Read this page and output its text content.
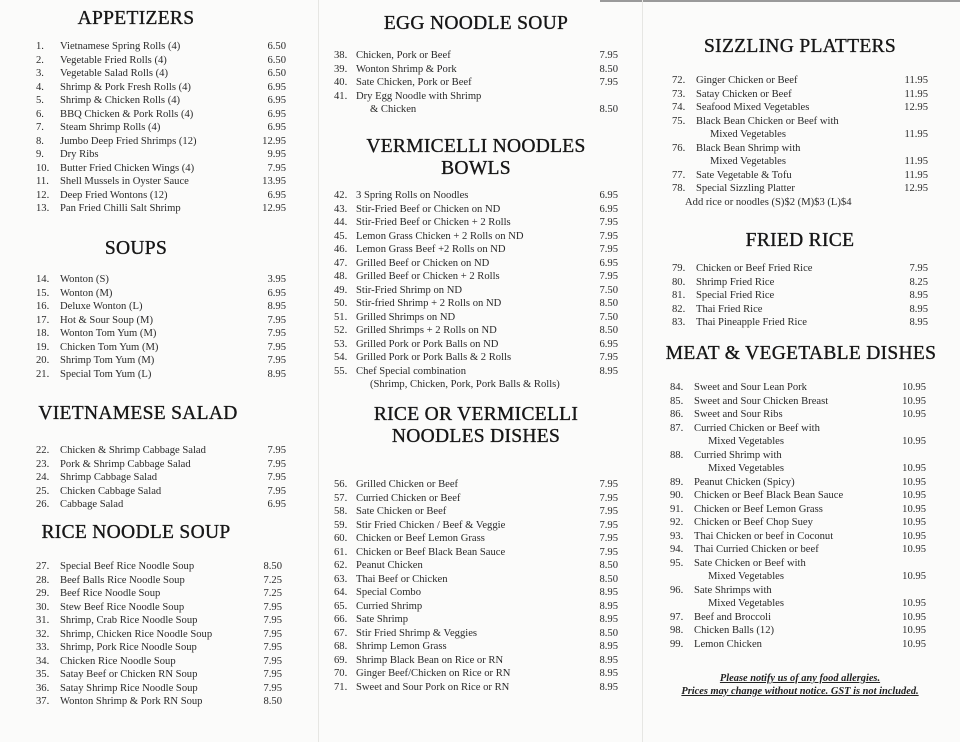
APPETIZERS
1. Vietnamese Spring Rolls (4)	6.50
2. Vegetable Fried Rolls (4)	6.50
3. Vegetable Salad Rolls (4)	6.50
4. Shrimp & Pork Fresh Rolls (4)	6.95
5. Shrimp & Chicken Rolls (4)	6.95
6. BBQ Chicken & Pork Rolls (4)	6.95
7. Steam Shrimp Rolls (4)	6.95
8. Jumbo Deep Fried Shrimps (12)	12.95
9. Dry Ribs	9.95
10. Butter Fried Chicken Wings (4)	7.95
11. Shell Mussels in Oyster Sauce	13.95
12. Deep Fried Wontons (12)	6.95
13. Pan Fried Chilli Salt Shrimp	12.95
SOUPS
14. Wonton (S)	3.95
15. Wonton (M)	6.95
16. Deluxe Wonton (L)	8.95
17. Hot & Sour Soup (M)	7.95
18. Wonton Tom Yum (M)	7.95
19. Chicken Tom Yum (M)	7.95
20. Shrimp Tom Yum (M)	7.95
21. Special Tom Yum (L)	8.95
VIETNAMESE SALAD
22. Chicken & Shrimp Cabbage Salad	7.95
23. Pork & Shrimp Cabbage Salad	7.95
24. Shrimp Cabbage Salad	7.95
25. Chicken Cabbage Salad	7.95
26. Cabbage Salad	6.95
RICE NOODLE SOUP
27. Special Beef Rice Noodle Soup	8.50
28. Beef Balls Rice Noodle Soup	7.25
29. Beef Rice Noodle Soup	7.25
30. Stew Beef Rice Noodle Soup	7.95
31. Shrimp, Crab Rice Noodle Soup	7.95
32. Shrimp, Chicken Rice Noodle Soup	7.95
33. Shrimp, Pork Rice Noodle Soup	7.95
34. Chicken Rice Noodle Soup	7.95
35. Satay Beef or Chicken RN Soup	7.95
36. Satay Shrimp Rice Noodle Soup	7.95
37. Wonton Shrimp & Pork RN Soup	8.50
EGG NOODLE SOUP
38. Chicken, Pork or Beef	7.95
39. Wonton Shrimp & Pork	8.50
40. Sate Chicken, Pork or Beef	7.95
41. Dry Egg Noodle with Shrimp
& Chicken	8.50
VERMICELLI NOODLES
BOWLS
42. 3 Spring Rolls on Noodles	6.95
43. Stir-Fried Beef or Chicken on ND	6.95
44. Stir-Fried Beef or Chicken + 2 Rolls	7.95
45. Lemon Grass Chicken + 2 Rolls on ND	7.95
46. Lemon Grass Beef +2 Rolls on ND	7.95
47. Grilled Beef or Chicken on ND	6.95
48. Grilled Beef or Chicken + 2 Rolls	7.95
49. Stir-Fried Shrimp on ND	7.50
50. Stir-fried Shrimp + 2 Rolls on ND	8.50
51. Grilled Shrimps on ND	7.50
52. Grilled Shrimps + 2 Rolls on ND	8.50
53. Grilled Pork or Pork Balls on ND	6.95
54. Grilled Pork or Pork Balls & 2 Rolls	7.95
55. Chef Special combination	8.95
(Shrimp, Chicken, Pork, Pork Balls & Rolls)
RICE OR VERMICELLI
NOODLES DISHES
56. Grilled Chicken or Beef	7.95
57. Curried Chicken or Beef	7.95
58. Sate Chicken or Beef	7.95
59. Stir Fried Chicken / Beef & Veggie	7.95
60. Chicken or Beef Lemon Grass	7.95
61. Chicken or Beef Black Bean Sauce	7.95
62. Peanut Chicken	8.50
63. Thai Beef or Chicken	8.50
64. Special Combo	8.95
65. Curried Shrimp	8.95
66. Sate Shrimp	8.95
67. Stir Fried Shrimp & Veggies	8.50
68. Shrimp Lemon Grass	8.95
69. Shrimp Black Bean on Rice or RN	8.95
70. Ginger Beef/Chicken on Rice or RN	8.95
71. Sweet and Sour Pork on Rice or RN	8.95
SIZZLING PLATTERS
72. Ginger Chicken or Beef	11.95
73. Satay Chicken or Beef	11.95
74. Seafood Mixed Vegetables	12.95
75. Black Bean Chicken or Beef with
Mixed Vegetables	11.95
76. Black Bean Shrimp with
Mixed Vegetables	11.95
77. Sate Vegetable & Tofu	11.95
78. Special Sizzling Platter	12.95
Add rice or noodles (S)$2 (M)$3 (L)$4
FRIED RICE
79. Chicken or Beef Fried Rice	7.95
80. Shrimp Fried Rice	8.25
81. Special Fried Rice	8.95
82. Thai Fried Rice	8.95
83. Thai Pineapple Fried Rice	8.95
MEAT & VEGETABLE DISHES
84. Sweet and Sour Lean Pork	10.95
85. Sweet and Sour Chicken Breast	10.95
86. Sweet and Sour Ribs	10.95
87. Curried Chicken or Beef with
Mixed Vegetables	10.95
88. Curried Shrimp with
Mixed Vegetables	10.95
89. Peanut Chicken (Spicy)	10.95
90. Chicken or Beef Black Bean Sauce	10.95
91. Chicken or Beef Lemon Grass	10.95
92. Chicken or Beef Chop Suey	10.95
93. Thai Chicken or beef in Coconut	10.95
94. Thai Curried Chicken or beef	10.95
95. Sate Chicken or Beef with
Mixed Vegetables	10.95
96. Sate Shrimps with
Mixed Vegetables	10.95
97. Beef and Broccoli	10.95
98. Chicken Balls (12)	10.95
99. Lemon Chicken	10.95
Please notify us of any food allergies.
Prices may change without notice. GST is not included.
